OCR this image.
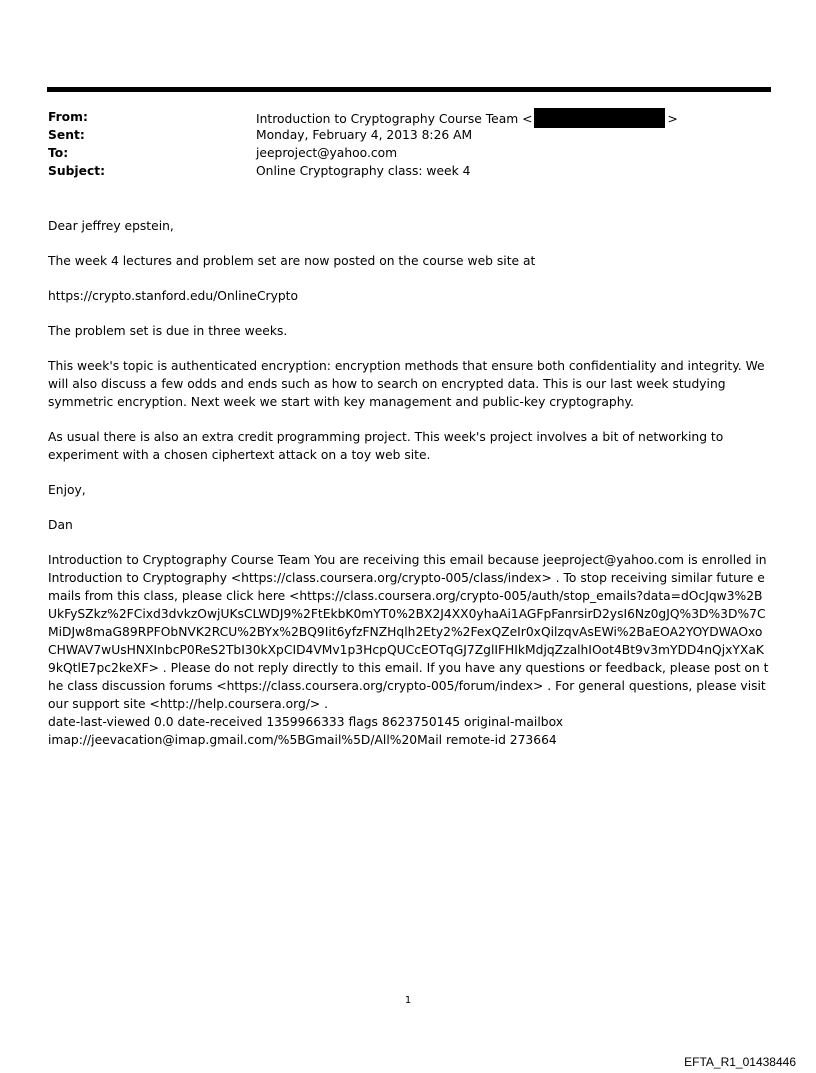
From:	Introduction to Cryptography Course Team <	>
Sent:	Monday, February 4, 2013 8:26 AM
To:	jeeproject@yahoo.com
Subject:	Online Cryptography class: week 4

Dear jeffrey epstein,

The week 4 lectures and problem set are now posted on the course web site at

https://crypto.stanford.edu/OnlineCrypto

The problem set is due in three weeks.

This week's topic is authenticated encryption: encryption methods that ensure both confidentiality and integrity. We will also discuss a few odds and ends such as how to search on encrypted data. This is our last week studying symmetric encryption. Next week we start with key management and public-key cryptography.

As usual there is also an extra credit programming project. This week's project involves a bit of networking to experiment with a chosen ciphertext attack on a toy web site.

Enjoy,

Dan

Introduction to Cryptography Course Team You are receiving this email because jeeproject@yahoo.com is enrolled in Introduction to Cryptography <https://class.coursera.org/crypto-005/class/index> . To stop receiving similar future emails from this class, please click here <https://class.coursera.org/crypto-005/auth/stop_emails?data=dOcJqw3%2BUkFySZkz%2FCixd3dvkzOwjUKsCLWDJ9%2FtEkbK0mYT0%2BX2J4XX0yhaAi1AGFpFanrsirD2ysI6Nz0gJQ%3D%3D%7CMiDJw8maG89RPFObNVK2RCU%2BYx%2BQ9Iit6yfzFNZHqlh2Ety2%2FexQZeIr0xQilzqvAsEWi%2BaEOA2YOYDWAOxoCHWAV7wUsHNXInbcP0ReS2TbI30kXpCID4VMv1p3HcpQUCcEOTqGJ7ZglIFHIkMdjqZzalhIOot4Bt9v3mYDD4nQjxYXaK9kQtlE7pc2keXF> . Please do not reply directly to this email. If you have any questions or feedback, please post on the class discussion forums <https://class.coursera.org/crypto-005/forum/index> . For general questions, please visit our support site <http://help.coursera.org/> .
date-last-viewed 0.0 date-received 1359966333 flags 8623750145 original-mailbox
imap://jeevacation@imap.gmail.com/%5BGmail%5D/All%20Mail remote-id 273664
1
EFTA_R1_01438446
